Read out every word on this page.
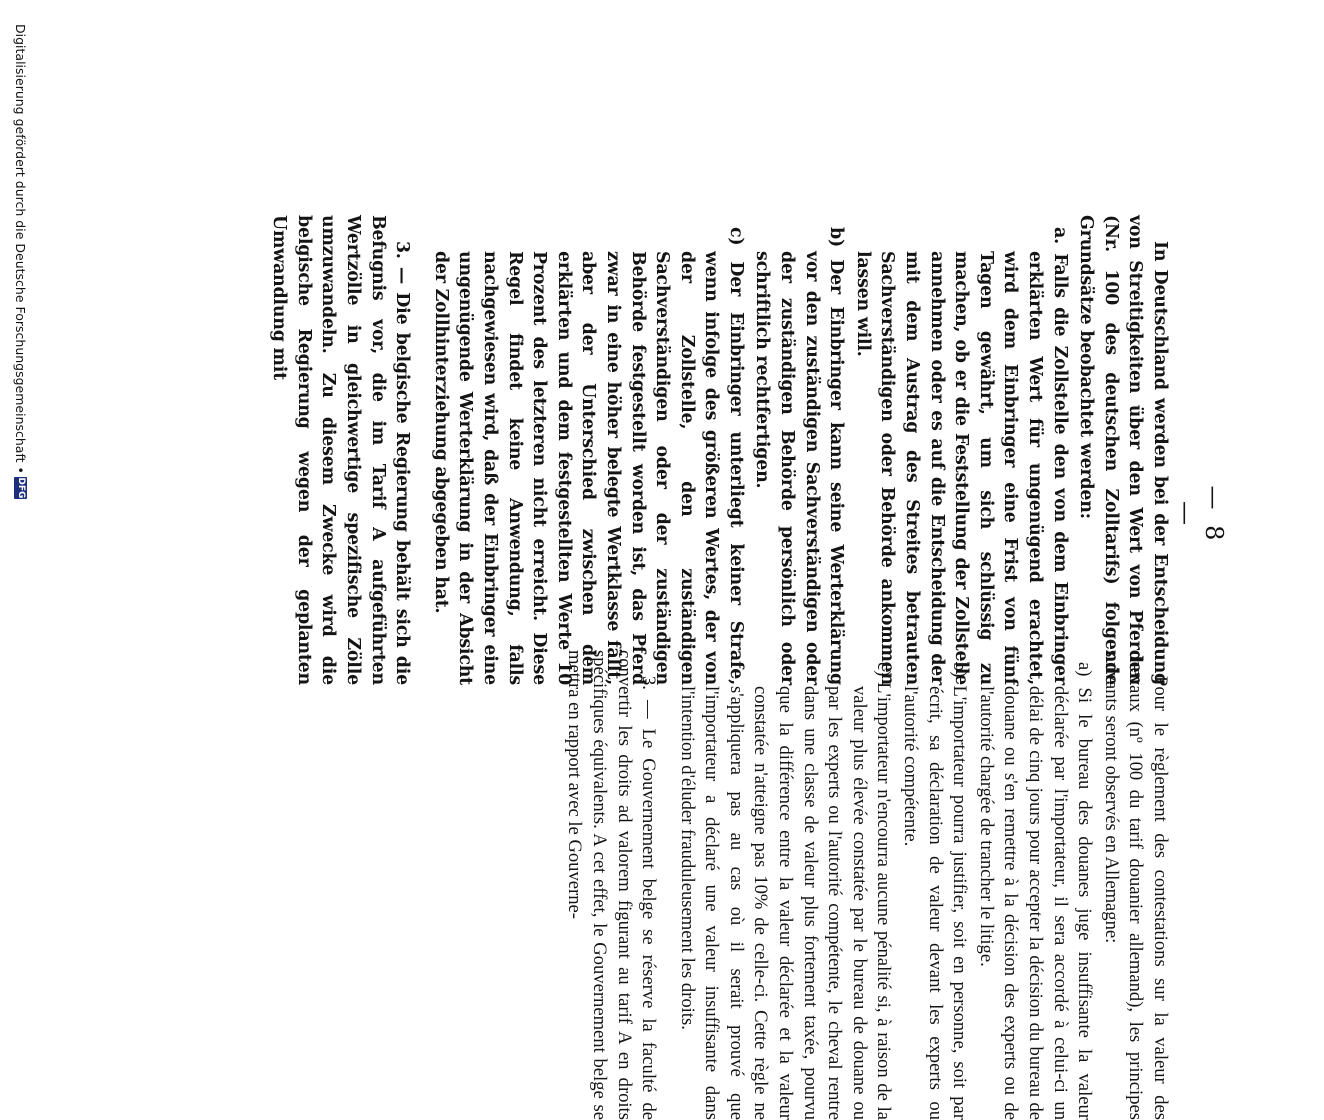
— 8 —

In Deutschland werden bei der Entscheidung von Streitigkeiten über den Wert von Pferden (Nr. 100 des deutschen Zolltarifs) folgende Grundsätze beobachtet werden:

a. Falls die Zollstelle den von dem Einbringer erklärten Wert für ungenügend erachtet, wird dem Einbringer eine Frist von fünf Tagen gewährt, um sich schlüssig zu machen, ob er die Feststellung der Zollstelle annehmen oder es auf die Entscheidung der mit dem Austrag des Streites betrauten Sachverständigen oder Behörde ankommen lassen will.

b) Der Einbringer kann seine Werterklärung vor den zuständigen Sachverständigen oder der zuständigen Behörde persönlich oder schriftlich rechtfertigen.

c) Der Einbringer unterliegt keiner Strafe, wenn infolge des größeren Wertes, der von der Zollstelle, den zuständigen Sachverständigen oder der zuständigen Behörde festgestellt worden ist, das Pferd zwar in eine höher belegte Wertklasse fällt, aber der Unterschied zwischen dem erklärten und dem festgestellten Werte 10 Prozent des letzteren nicht erreicht. Diese Regel findet keine Anwendung, falls nachgewiesen wird, daß der Einbringer eine ungenügende Werterklärung in der Absicht der Zollhinterziehung abgegeben hat.

3. — Die belgische Regierung behält sich die Befugnis vor, die im Tarif A aufgeführten Wertzölle in gleichwertige spezifische Zölle umzuwandeln. Zu diesem Zwecke wird die belgische Regierung wegen der geplanten Umwandlung mit

Pour le règlement des contestations sur la valeur des chevaux (nº 100 du tarif douanier allemand), les principes suivants seront observés en Allemagne:

a) Si le bureau des douanes juge insuffisante la valeur déclarée par l'importateur, il sera accordé à celui-ci un délai de cinq jours pour accepter la décision du bureau de douane ou s'en remettre à la décision des experts ou de l'autorité chargée de trancher le litige.

b) L'importateur pourra justifier, soit en personne, soit par écrit, sa déclaration de valeur devant les experts ou l'autorité compétente.

c) L'importateur n'encourra aucune pénalité si, à raison de la valeur plus élevée constatée par le bureau de douane ou par les experts ou l'autorité compétente, le cheval rentre dans une classe de valeur plus fortement taxée, pourvu que la différence entre la valeur déclarée et la valeur constatée n'atteigne pas 10% de celle-ci. Cette règle ne s'appliquera pas au cas où il serait prouvé que l'importateur a déclaré une valeur insuffisante dans l'intention d'éluder frauduleusement les droits.

3. — Le Gouvernement belge se réserve la faculté de convertir les droits ad valorem figurant au tarif A en droits spécifiques équivalents. A cet effet, le Gouvernement belge se mettra en rapport avec le Gouverne-

Digitalisierung gefördert durch die Deutsche Forschungsgemeinschaft •
DFG
